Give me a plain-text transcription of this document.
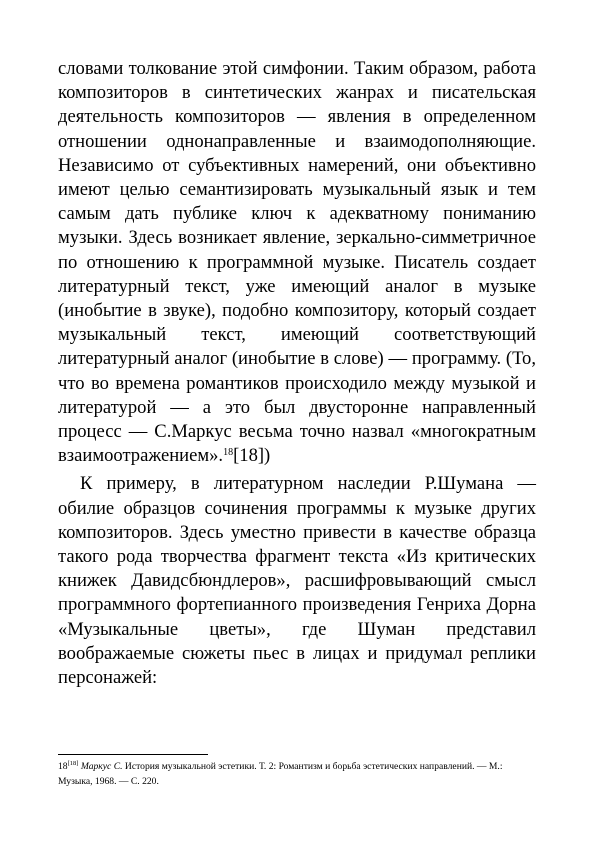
словами толкование этой симфонии. Таким образом, работа композиторов в синтетических жанрах и писательская деятельность композиторов — явления в определенном отношении однонаправленные и взаимодополняющие. Независимо от субъективных намерений, они объективно имеют целью семантизировать музыкальный язык и тем самым дать публике ключ к адекватному пониманию музыки. Здесь возникает явление, зеркально-симметричное по отношению к программной музыке. Писатель создает литературный текст, уже имеющий аналог в музыке (инобытие в звуке), подобно композитору, который создает музыкальный текст, имеющий соответствующий литературный аналог (инобытие в слове) — программу. (То, что во времена романтиков происходило между музыкой и литературой — а это был двусторонне направленный процесс — С.Маркус весьма точно назвал «многократным взаимоотражением».$^{18}$[18])

К примеру, в литературном наследии Р.Шумана — обилие образцов сочинения программы к музыке других композиторов. Здесь уместно привести в качестве образца такого рода творчества фрагмент текста «Из критических книжек Давидсбюндлеров», расшифровывающий смысл программного фортепианного произведения Генриха Дорна «Музыкальные цветы», где Шуман представил воображаемые сюжеты пьес в лицах и придумал реплики персонажей:

18[18] Маркус С. История музыкальной эстетики. Т. 2: Романтизм и борьба эстетических направлений. — М.: Музыка, 1968. — С. 220.
